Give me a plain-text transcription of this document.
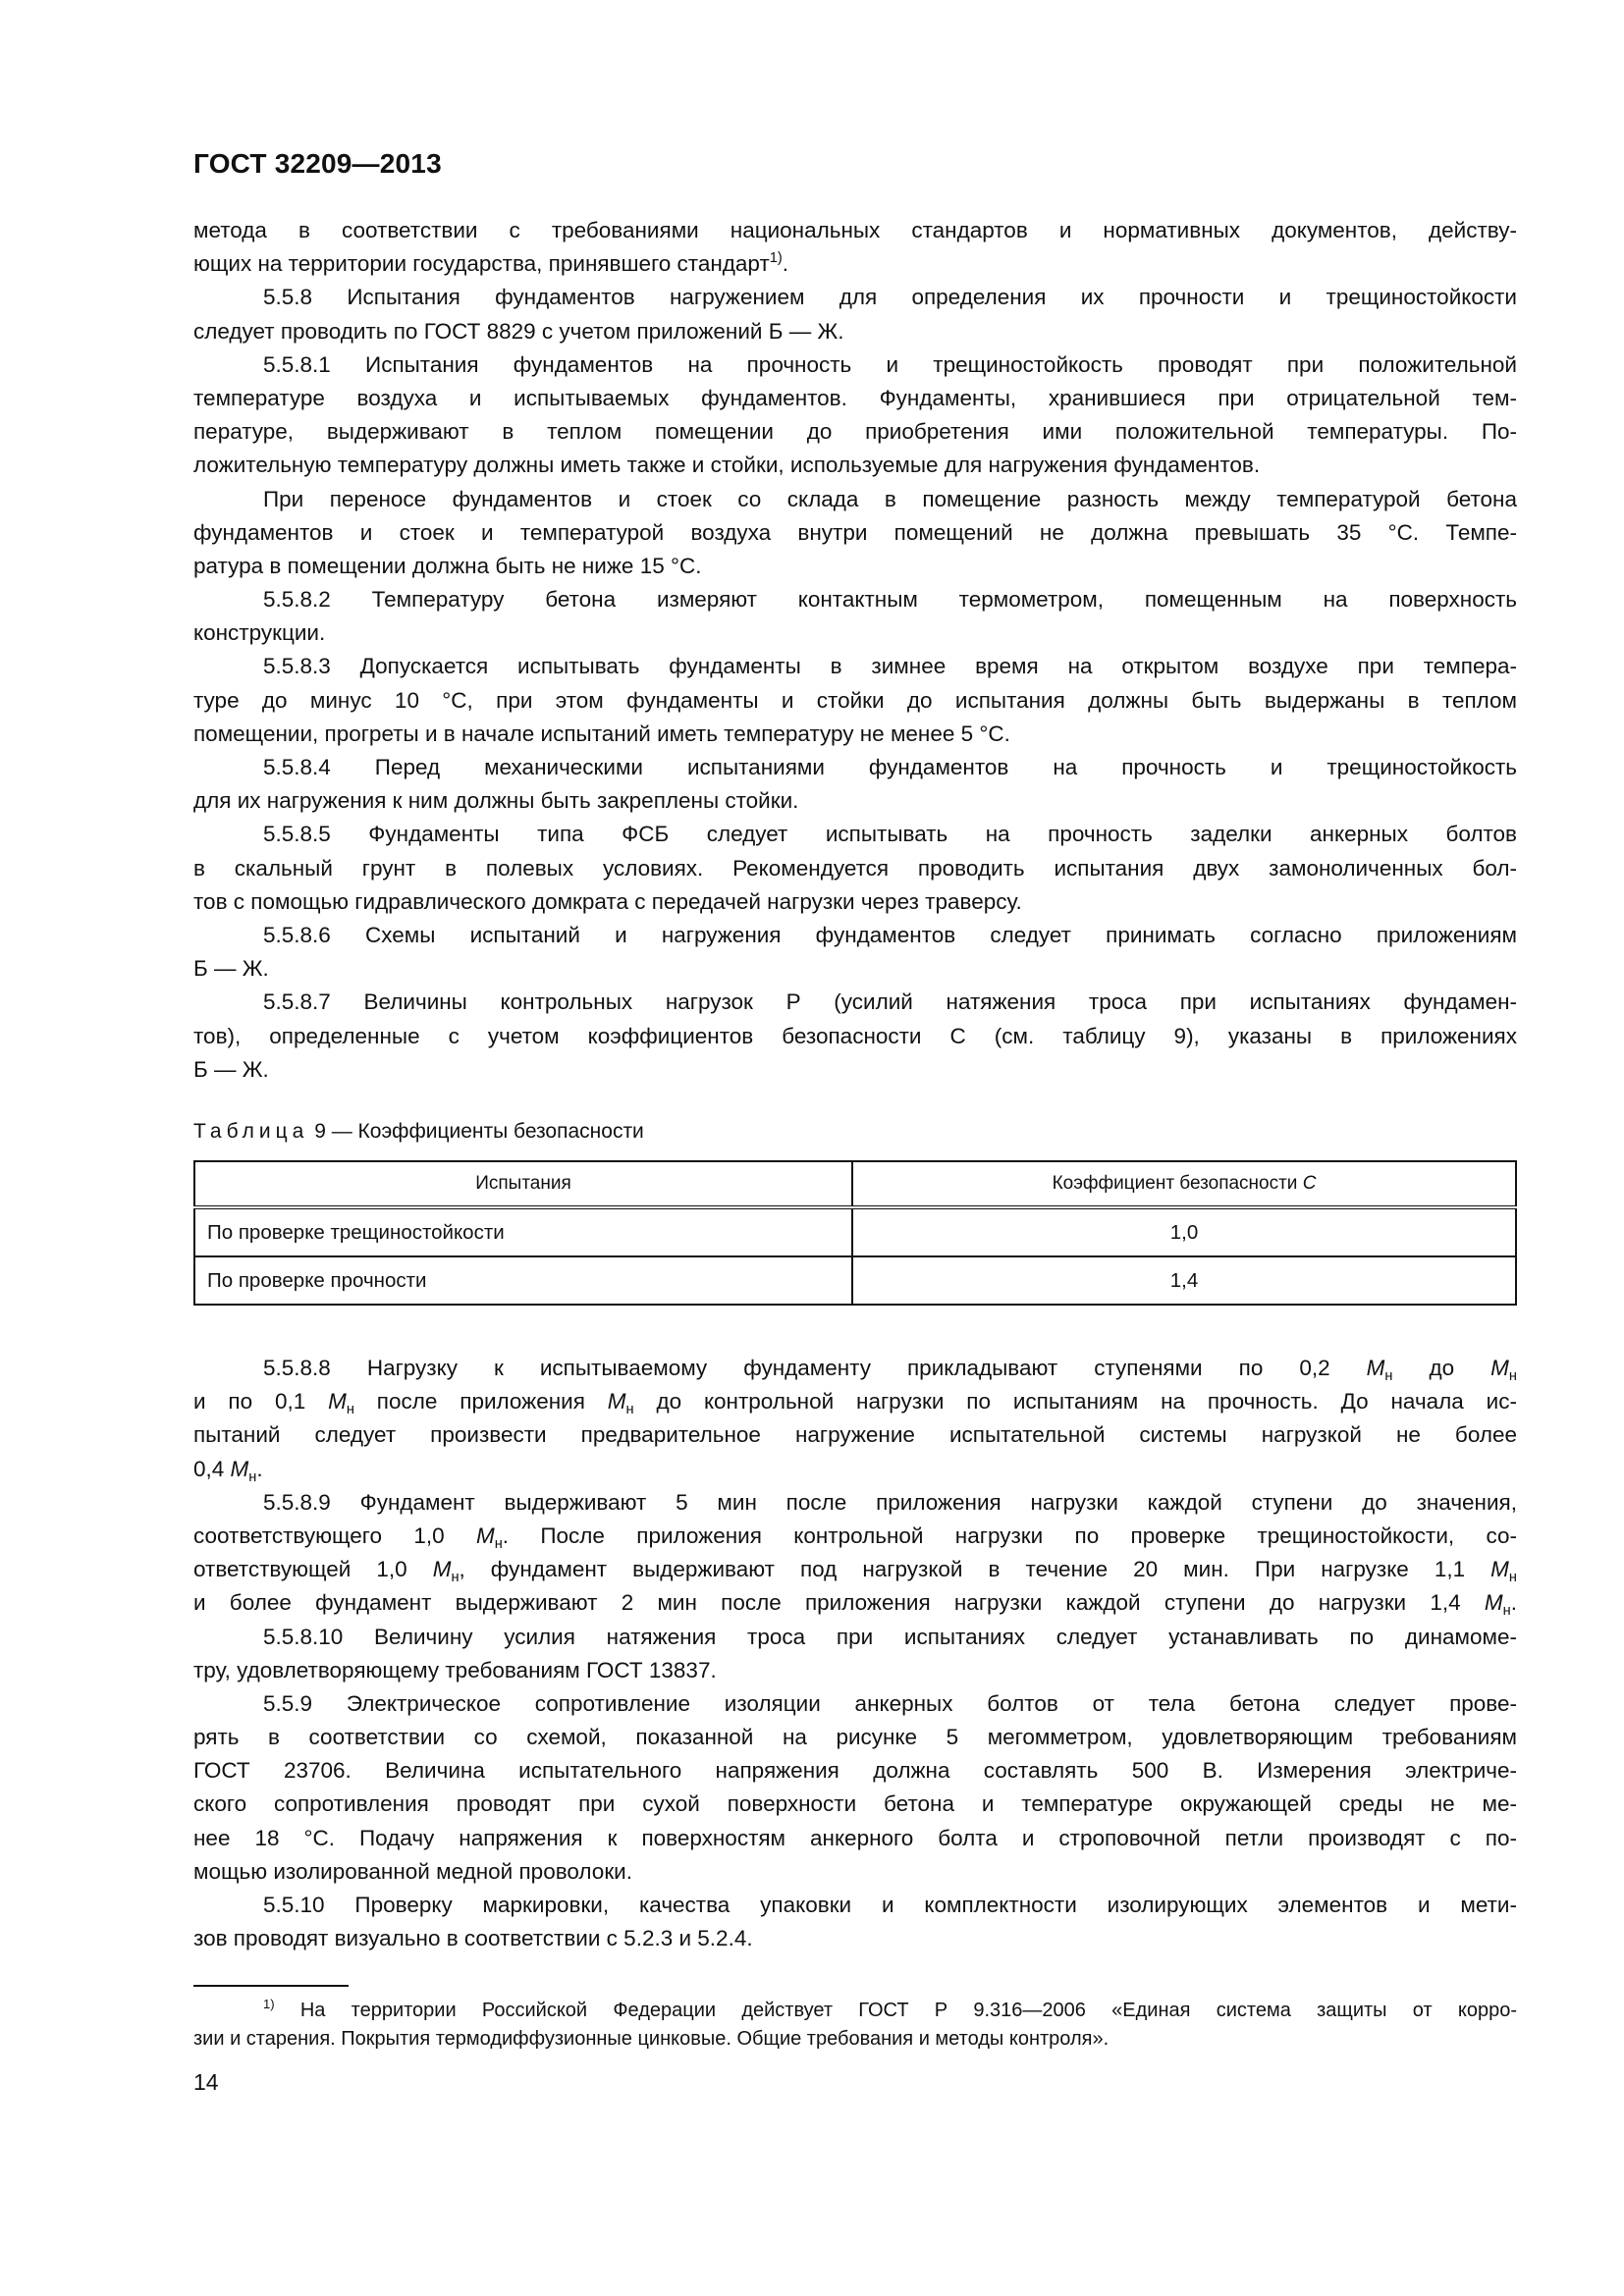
ГОСТ 32209—2013
метода в соответствии с требованиями национальных стандартов и нормативных документов, действу-
ющих на территории государства, принявшего стандарт$^{1)}$.
5.5.8 Испытания фундаментов нагружением для определения их прочности и трещиностойкости
следует проводить по ГОСТ 8829 с учетом приложений Б — Ж.
5.5.8.1 Испытания фундаментов на прочность и трещиностойкость проводят при положительной
температуре воздуха и испытываемых фундаментов. Фундаменты, хранившиеся при отрицательной тем-
пературе, выдерживают в теплом помещении до приобретения ими положительной температуры. По-
ложительную температуру должны иметь также и стойки, используемые для нагружения фундаментов.
При переносе фундаментов и стоек со склада в помещение разность между температурой бетона
фундаментов и стоек и температурой воздуха внутри помещений не должна превышать 35 °С. Темпе-
ратура в помещении должна быть не ниже 15 °С.
5.5.8.2 Температуру бетона измеряют контактным термометром, помещенным на поверхность
конструкции.
5.5.8.3 Допускается испытывать фундаменты в зимнее время на открытом воздухе при темпера-
туре до минус 10 °С, при этом фундаменты и стойки до испытания должны быть выдержаны в теплом
помещении, прогреты и в начале испытаний иметь температуру не менее 5 °С.
5.5.8.4 Перед механическими испытаниями фундаментов на прочность и трещиностойкость
для их нагружения к ним должны быть закреплены стойки.
5.5.8.5 Фундаменты типа ФСБ следует испытывать на прочность заделки анкерных болтов
в скальный грунт в полевых условиях. Рекомендуется проводить испытания двух замоноличенных бол-
тов с помощью гидравлического домкрата с передачей нагрузки через траверсу.
5.5.8.6 Схемы испытаний и нагружения фундаментов следует принимать согласно приложениям
Б — Ж.
5.5.8.7 Величины контрольных нагрузок Р (усилий натяжения троса при испытаниях фундамен-
тов), определенные с учетом коэффициентов безопасности С (см. таблицу 9), указаны в приложениях
Б — Ж.
Таблица 9 — Коэффициенты безопасности
Испытания	Коэффициент безопасности С
По проверке трещиностойкости	1,0
По проверке прочности	1,4
5.5.8.8 Нагрузку к испытываемому фундаменту прикладывают ступенями по 0,2 $M_н$ до $M_н$
и по 0,1 $M_н$ после приложения $M_н$ до контрольной нагрузки по испытаниям на прочность. До начала ис-
пытаний следует произвести предварительное нагружение испытательной системы нагрузкой не более
0,4 $M_н$.
5.5.8.9 Фундамент выдерживают 5 мин после приложения нагрузки каждой ступени до значения,
соответствующего 1,0 $M_н$. После приложения контрольной нагрузки по проверке трещиностойкости, со-
ответствующей 1,0 $M_н$, фундамент выдерживают под нагрузкой в течение 20 мин. При нагрузке 1,1 $M_н$
и более фундамент выдерживают 2 мин после приложения нагрузки каждой ступени до нагрузки 1,4 $M_н$.
5.5.8.10 Величину усилия натяжения троса при испытаниях следует устанавливать по динамоме-
тру, удовлетворяющему требованиям ГОСТ 13837.
5.5.9 Электрическое сопротивление изоляции анкерных болтов от тела бетона следует прове-
рять в соответствии со схемой, показанной на рисунке 5 мегомметром, удовлетворяющим требованиям
ГОСТ 23706. Величина испытательного напряжения должна составлять 500 В. Измерения электриче-
ского сопротивления проводят при сухой поверхности бетона и температуре окружающей среды не ме-
нее 18 °С. Подачу напряжения к поверхностям анкерного болта и строповочной петли производят с по-
мощью изолированной медной проволоки.
5.5.10 Проверку маркировки, качества упаковки и комплектности изолирующих элементов и мети-
зов проводят визуально в соответствии с 5.2.3 и 5.2.4.
$^{1)}$ На территории Российской Федерации действует ГОСТ Р 9.316—2006 «Единая система защиты от корро-
зии и старения. Покрытия термодиффузионные цинковые. Общие требования и методы контроля».
14
